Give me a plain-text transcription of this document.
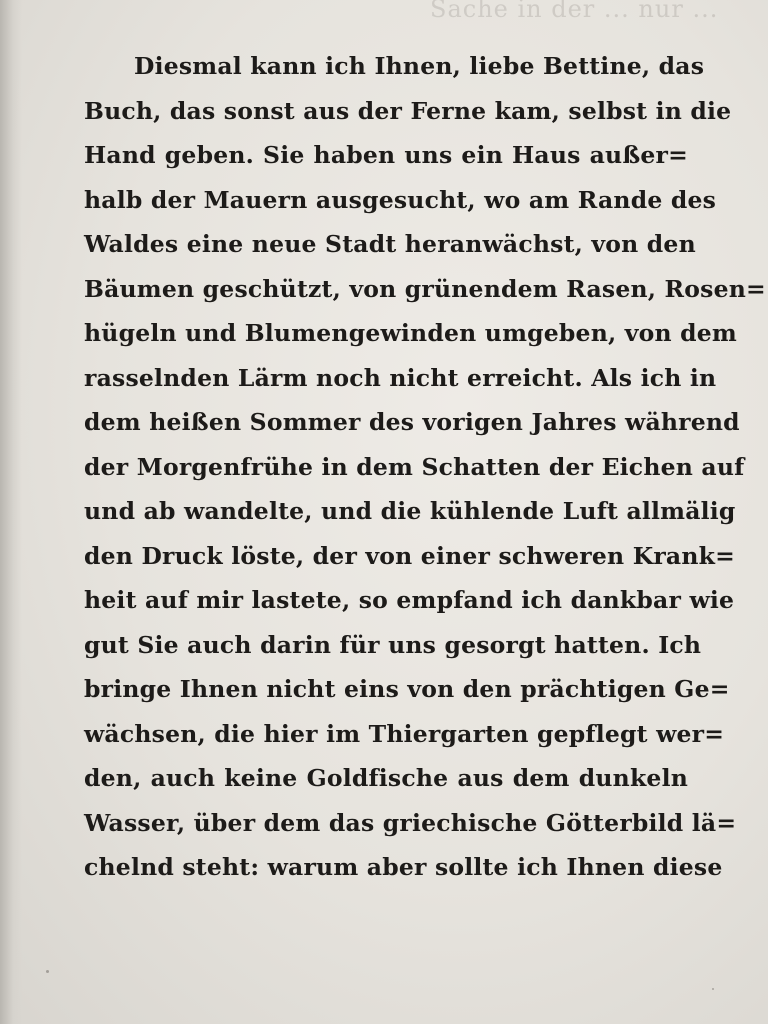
Sache in der ... nur ...
Diesmal kann ich Ihnen, liebe Bettine, das
Buch, das sonst aus der Ferne kam, selbst in die
Hand geben. Sie haben uns ein Haus außer=
halb der Mauern ausgesucht, wo am Rande des
Waldes eine neue Stadt heranwächst, von den
Bäumen geschützt, von grünendem Rasen, Rosen=
hügeln und Blumengewinden umgeben, von dem
rasselnden Lärm noch nicht erreicht. Als ich in
dem heißen Sommer des vorigen Jahres während
der Morgenfrühe in dem Schatten der Eichen auf
und ab wandelte, und die kühlende Luft allmälig
den Druck löste, der von einer schweren Krank=
heit auf mir lastete, so empfand ich dankbar wie
gut Sie auch darin für uns gesorgt hatten. Ich
bringe Ihnen nicht eins von den prächtigen Ge=
wächsen, die hier im Thiergarten gepflegt wer=
den, auch keine Goldfische aus dem dunkeln
Wasser, über dem das griechische Götterbild lä=
chelnd steht: warum aber sollte ich Ihnen diese
